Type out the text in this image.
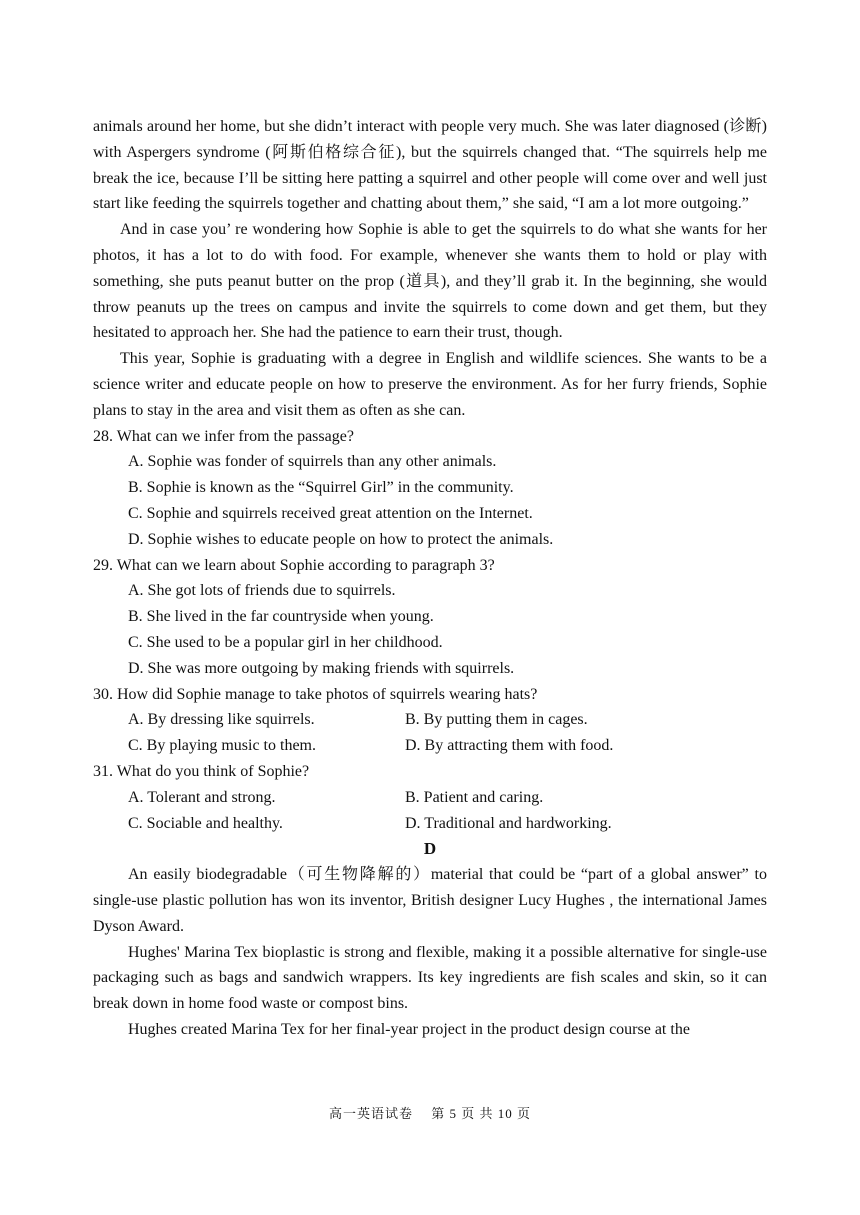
animals around her home, but she didn’t interact with people very much. She was later diagnosed (诊断) with Aspergers syndrome (阿斯伯格综合征), but the squirrels changed that. “The squirrels help me break the ice, because I’ll be sitting here patting a squirrel and other people will come over and well just start like feeding the squirrels together and chatting about them,” she said, “I am a lot more outgoing.”

And in case you’ re wondering how Sophie is able to get the squirrels to do what she wants for her photos, it has a lot to do with food. For example, whenever she wants them to hold or play with something, she puts peanut butter on the prop (道具), and they’ll grab it. In the beginning, she would throw peanuts up the trees on campus and invite the squirrels to come down and get them, but they hesitated to approach her. She had the patience to earn their trust, though.

This year, Sophie is graduating with a degree in English and wildlife sciences. She wants to be a science writer and educate people on how to preserve the environment. As for her furry friends, Sophie plans to stay in the area and visit them as often as she can.

28. What can we infer from the passage?

A. Sophie was fonder of squirrels than any other animals.

B. Sophie is known as the “Squirrel Girl” in the community.

C. Sophie and squirrels received great attention on the Internet.

D. Sophie wishes to educate people on how to protect the animals.

29. What can we learn about Sophie according to paragraph 3?

A. She got lots of friends due to squirrels.

B. She lived in the far countryside when young.

C. She used to be a popular girl in her childhood.

D. She was more outgoing by making friends with squirrels.

30. How did Sophie manage to take photos of squirrels wearing hats?

A. By dressing like squirrels.	B. By putting them in cages.
C. By playing music to them.	D. By attracting them with food.

31. What do you think of Sophie?

A. Tolerant and strong.	B. Patient and caring.
C. Sociable and healthy.	D. Traditional and hardworking.

D

An easily biodegradable（可生物降解的）material that could be “part of a global answer” to single-use plastic pollution has won its inventor, British designer Lucy Hughes , the international James Dyson Award.

Hughes' Marina Tex bioplastic is strong and flexible, making it a possible alternative for single-use packaging such as bags and sandwich wrappers. Its key ingredients are fish scales and skin, so it can break down in home food waste or compost bins.

Hughes created Marina Tex for her final-year project in the product design course at the

高一英语试卷　 第 5 页 共 10 页
